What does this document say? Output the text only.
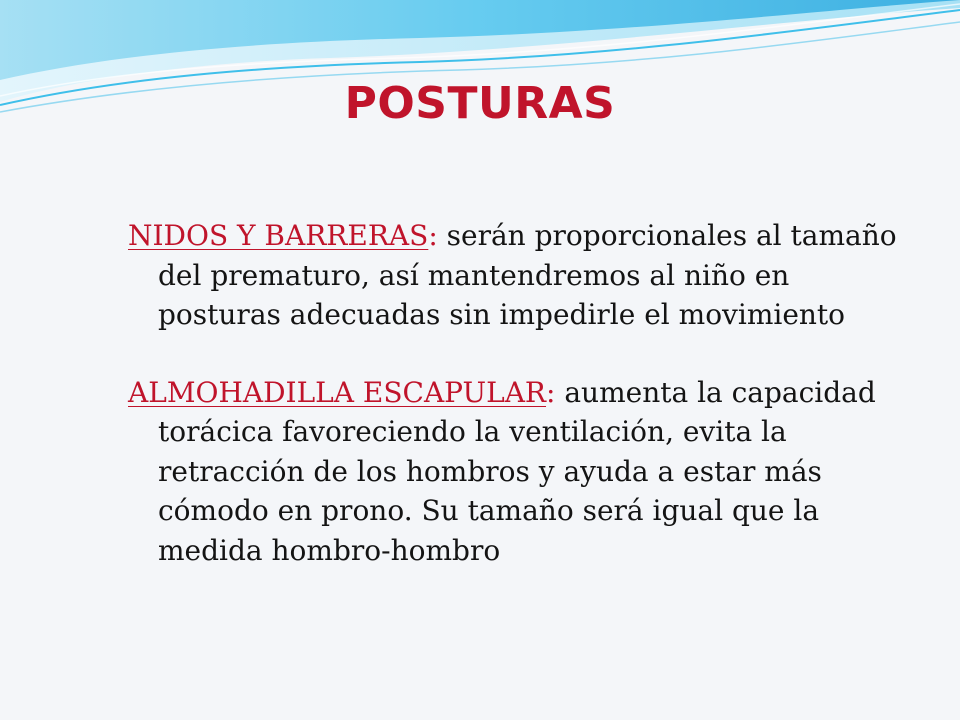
POSTURAS

NIDOS Y BARRERAS: serán proporcionales al tamaño del prematuro, así mantendremos al niño en posturas adecuadas sin impedirle el movimiento

ALMOHADILLA ESCAPULAR: aumenta la capacidad torácica favoreciendo la ventilación, evita la retracción de los hombros y ayuda a estar más cómodo en prono. Su tamaño será igual que la medida hombro-hombro
